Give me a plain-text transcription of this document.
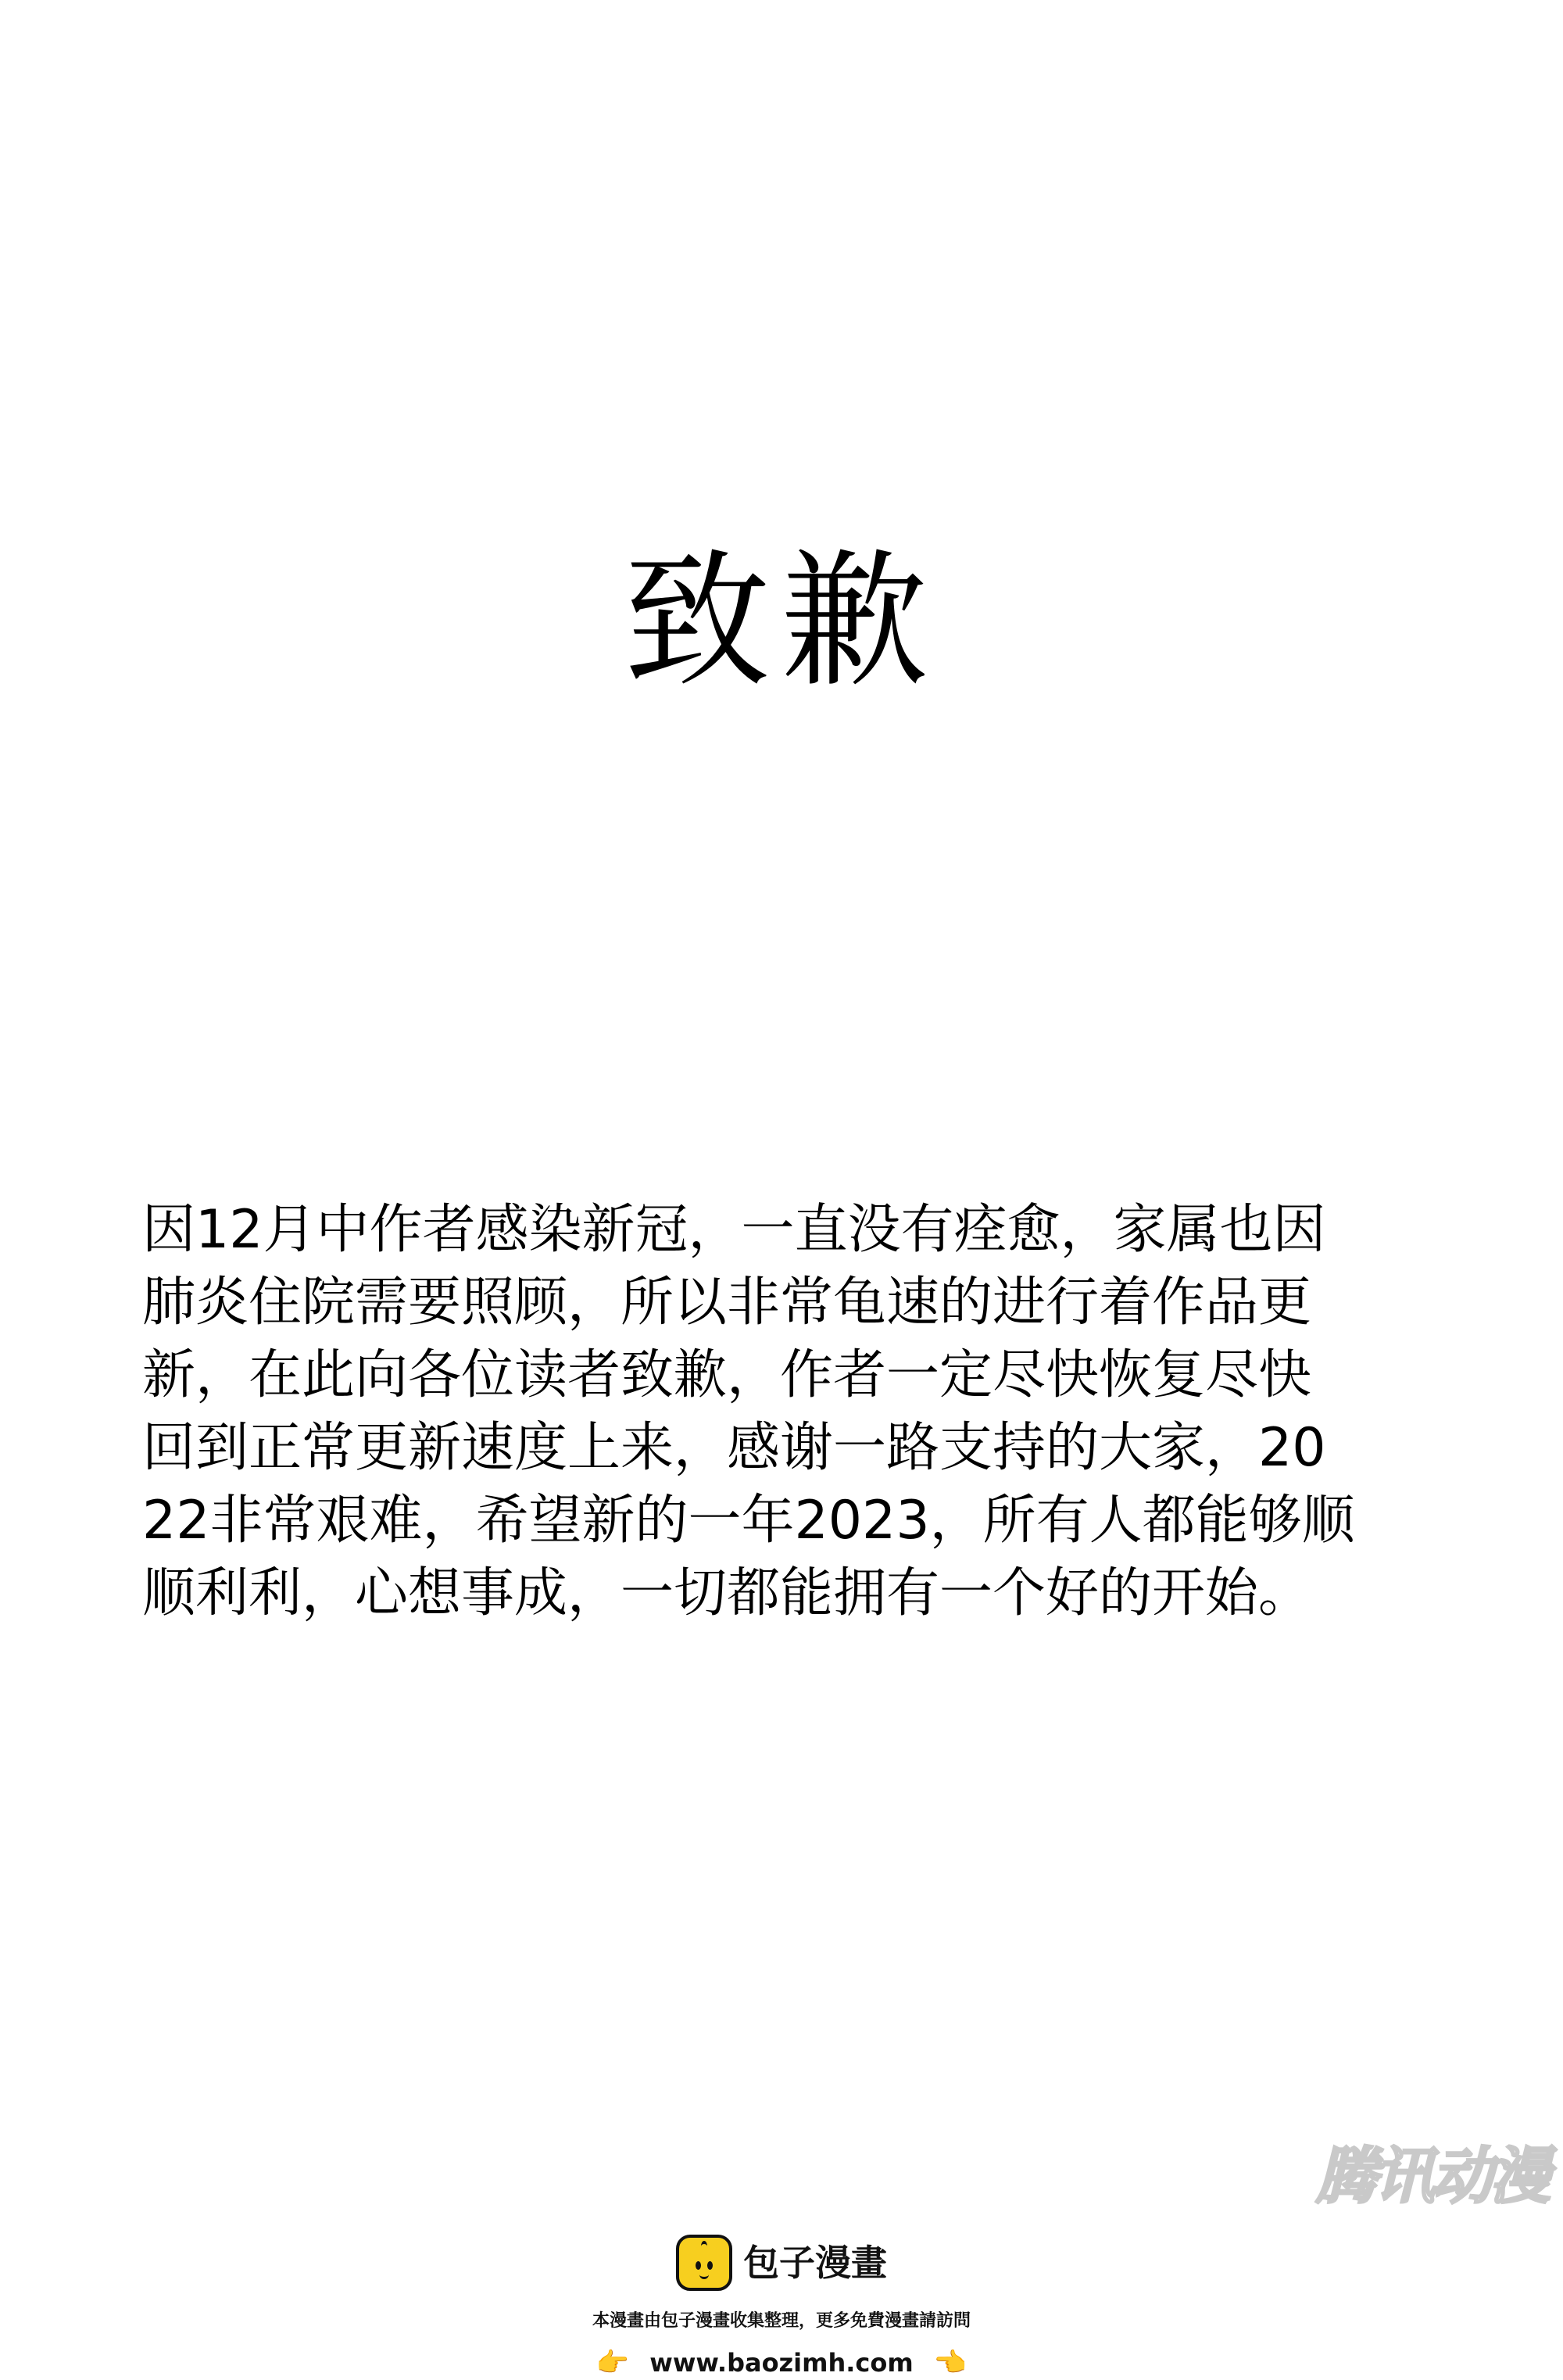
致歉
因12月中作者感染新冠，一直没有痊愈，家属也因
肺炎住院需要照顾，所以非常龟速的进行着作品更
新，在此向各位读者致歉，作者一定尽快恢复尽快
回到正常更新速度上来，感谢一路支持的大家，20
22非常艰难，希望新的一年2023，所有人都能够顺
顺利利，心想事成，一切都能拥有一个好的开始。
腾讯动漫
包子漫畫
本漫畫由包子漫畫收集整理，更多免費漫畫請訪問
👉 www.baozimh.com 👈
